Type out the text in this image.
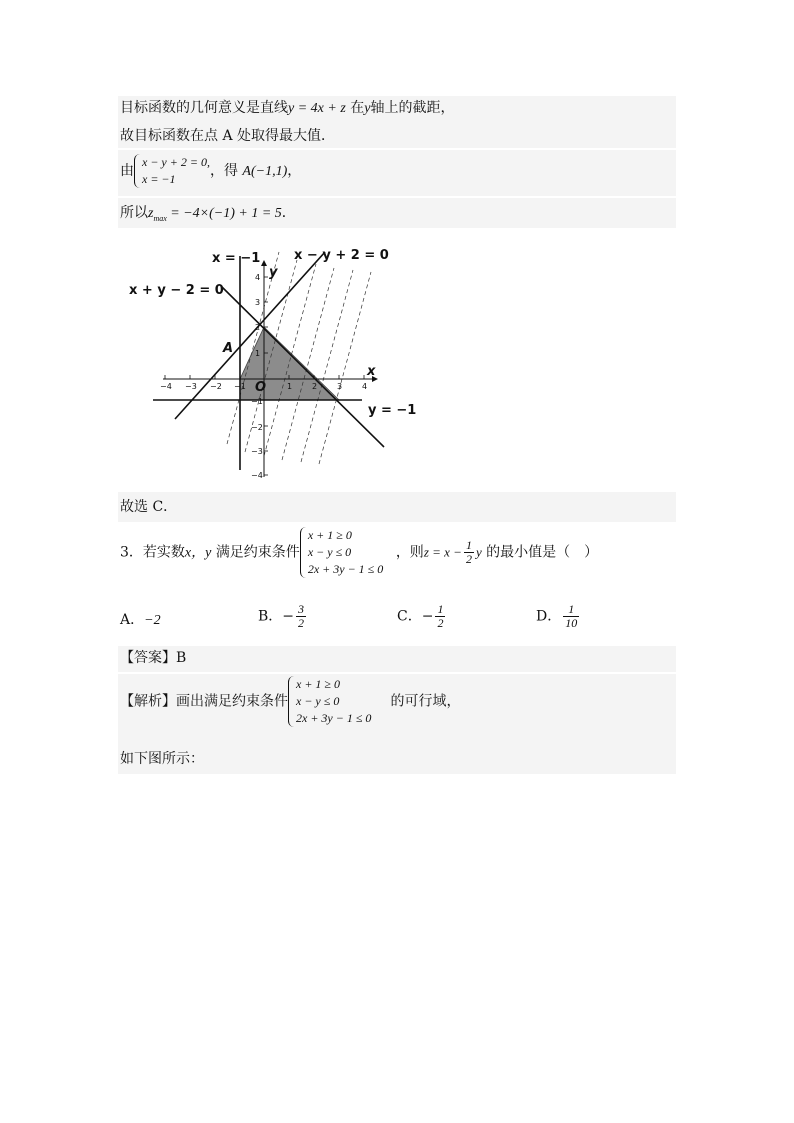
目标函数的几何意义是直线y = 4x + z 在y轴上的截距，
故目标函数在点 A 处取得最大值．
由
x − y + 2 = 0,
x = −1	，得 A(−1,1)，
所以$z_{max} = -4\times(-1) + 1 = 5$．
−4 −3 −2 −1	1 2 3 4
4
3
2
1
−1
−2
−3
−4
x = −1	x − y + 2 = 0
x + y − 2 = 0
y = −1
A
O
x
y
故选 C．
3．若实数x，y 满足约束条件
x + 1 ≥ 0
x − y ≤ 0
2x + 3y − 1 ≤ 0
，则$z = x - \frac{1}{2}$ y 的最小值是（　）
A．−2	B．− $\frac{3}{2}$	C．− $\frac{1}{2}$	D． $\frac{1}{10}$
【答案】B
【解析】画出满足约束条件
x + 1 ≥ 0
x − y ≤ 0
2x + 3y − 1 ≤ 0
的可行域，
如下图所示：
